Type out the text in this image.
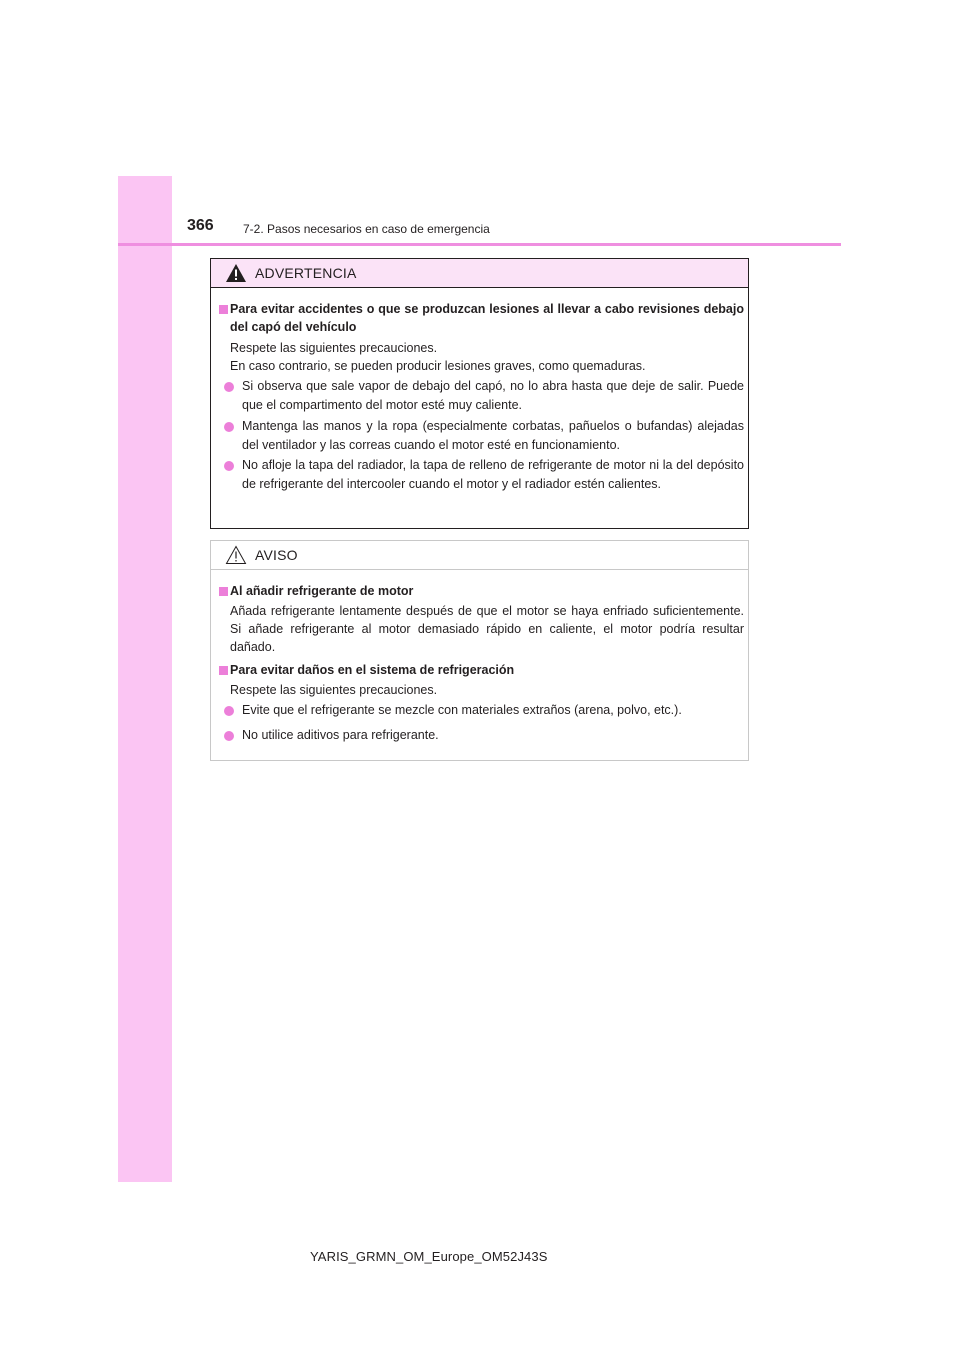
366 7-2. Pasos necesarios en caso de emergencia
ADVERTENCIA
Para evitar accidentes o que se produzcan lesiones al llevar a cabo revisiones debajo del capó del vehículo
Respete las siguientes precauciones.
En caso contrario, se pueden producir lesiones graves, como quemaduras.
Si observa que sale vapor de debajo del capó, no lo abra hasta que deje de salir. Puede que el compartimento del motor esté muy caliente.
Mantenga las manos y la ropa (especialmente corbatas, pañuelos o bufandas) alejadas del ventilador y las correas cuando el motor esté en funcionamiento.
No afloje la tapa del radiador, la tapa de relleno de refrigerante de motor ni la del depósito de refrigerante del intercooler cuando el motor y el radiador estén calientes.
AVISO
Al añadir refrigerante de motor
Añada refrigerante lentamente después de que el motor se haya enfriado suficientemente. Si añade refrigerante al motor demasiado rápido en caliente, el motor podría resultar dañado.
Para evitar daños en el sistema de refrigeración
Respete las siguientes precauciones.
Evite que el refrigerante se mezcle con materiales extraños (arena, polvo, etc.).
No utilice aditivos para refrigerante.
YARIS_GRMN_OM_Europe_OM52J43S
